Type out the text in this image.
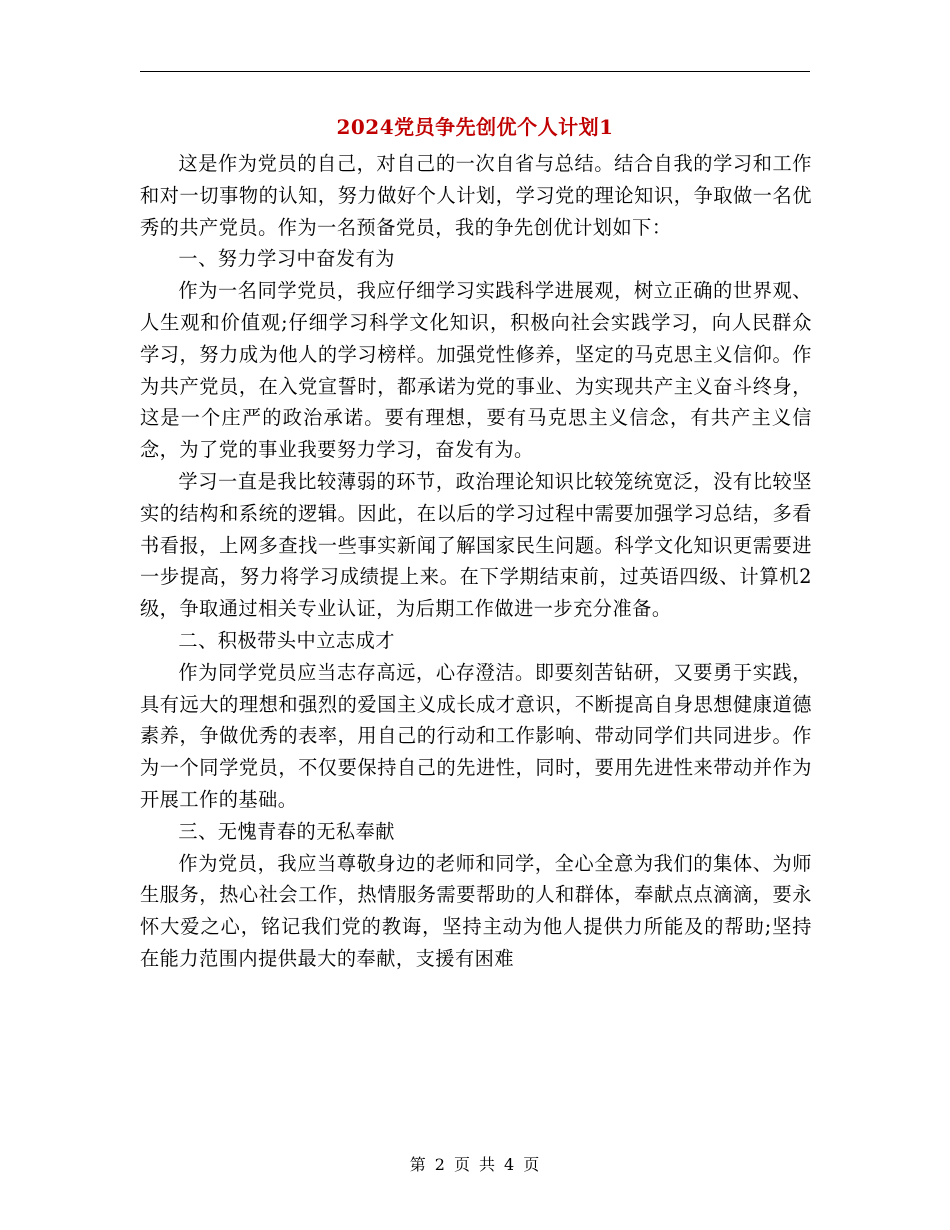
2024党员争先创优个人计划1

这是作为党员的自己，对自己的一次自省与总结。结合自我的学习和工作和对一切事物的认知，努力做好个人计划，学习党的理论知识，争取做一名优秀的共产党员。作为一名预备党员，我的争先创优计划如下：

一、努力学习中奋发有为

作为一名同学党员，我应仔细学习实践科学进展观，树立正确的世界观、人生观和价值观;仔细学习科学文化知识，积极向社会实践学习，向人民群众学习，努力成为他人的学习榜样。加强党性修养，坚定的马克思主义信仰。作为共产党员，在入党宣誓时，都承诺为党的事业、为实现共产主义奋斗终身，这是一个庄严的政治承诺。要有理想，要有马克思主义信念，有共产主义信念，为了党的事业我要努力学习，奋发有为。

学习一直是我比较薄弱的环节，政治理论知识比较笼统宽泛，没有比较坚实的结构和系统的逻辑。因此，在以后的学习过程中需要加强学习总结，多看书看报，上网多查找一些事实新闻了解国家民生问题。科学文化知识更需要进一步提高，努力将学习成绩提上来。在下学期结束前，过英语四级、计算机2级，争取通过相关专业认证，为后期工作做进一步充分准备。

二、积极带头中立志成才

作为同学党员应当志存高远，心存澄洁。即要刻苦钻研，又要勇于实践，具有远大的理想和强烈的爱国主义成长成才意识，不断提高自身思想健康道德素养，争做优秀的表率，用自己的行动和工作影响、带动同学们共同进步。作为一个同学党员，不仅要保持自己的先进性，同时，要用先进性来带动并作为开展工作的基础。

三、无愧青春的无私奉献

作为党员，我应当尊敬身边的老师和同学，全心全意为我们的集体、为师生服务，热心社会工作，热情服务需要帮助的人和群体，奉献点点滴滴，要永怀大爱之心，铭记我们党的教诲，坚持主动为他人提供力所能及的帮助;坚持在能力范围内提供最大的奉献，支援有困难

第 2 页 共 4 页
